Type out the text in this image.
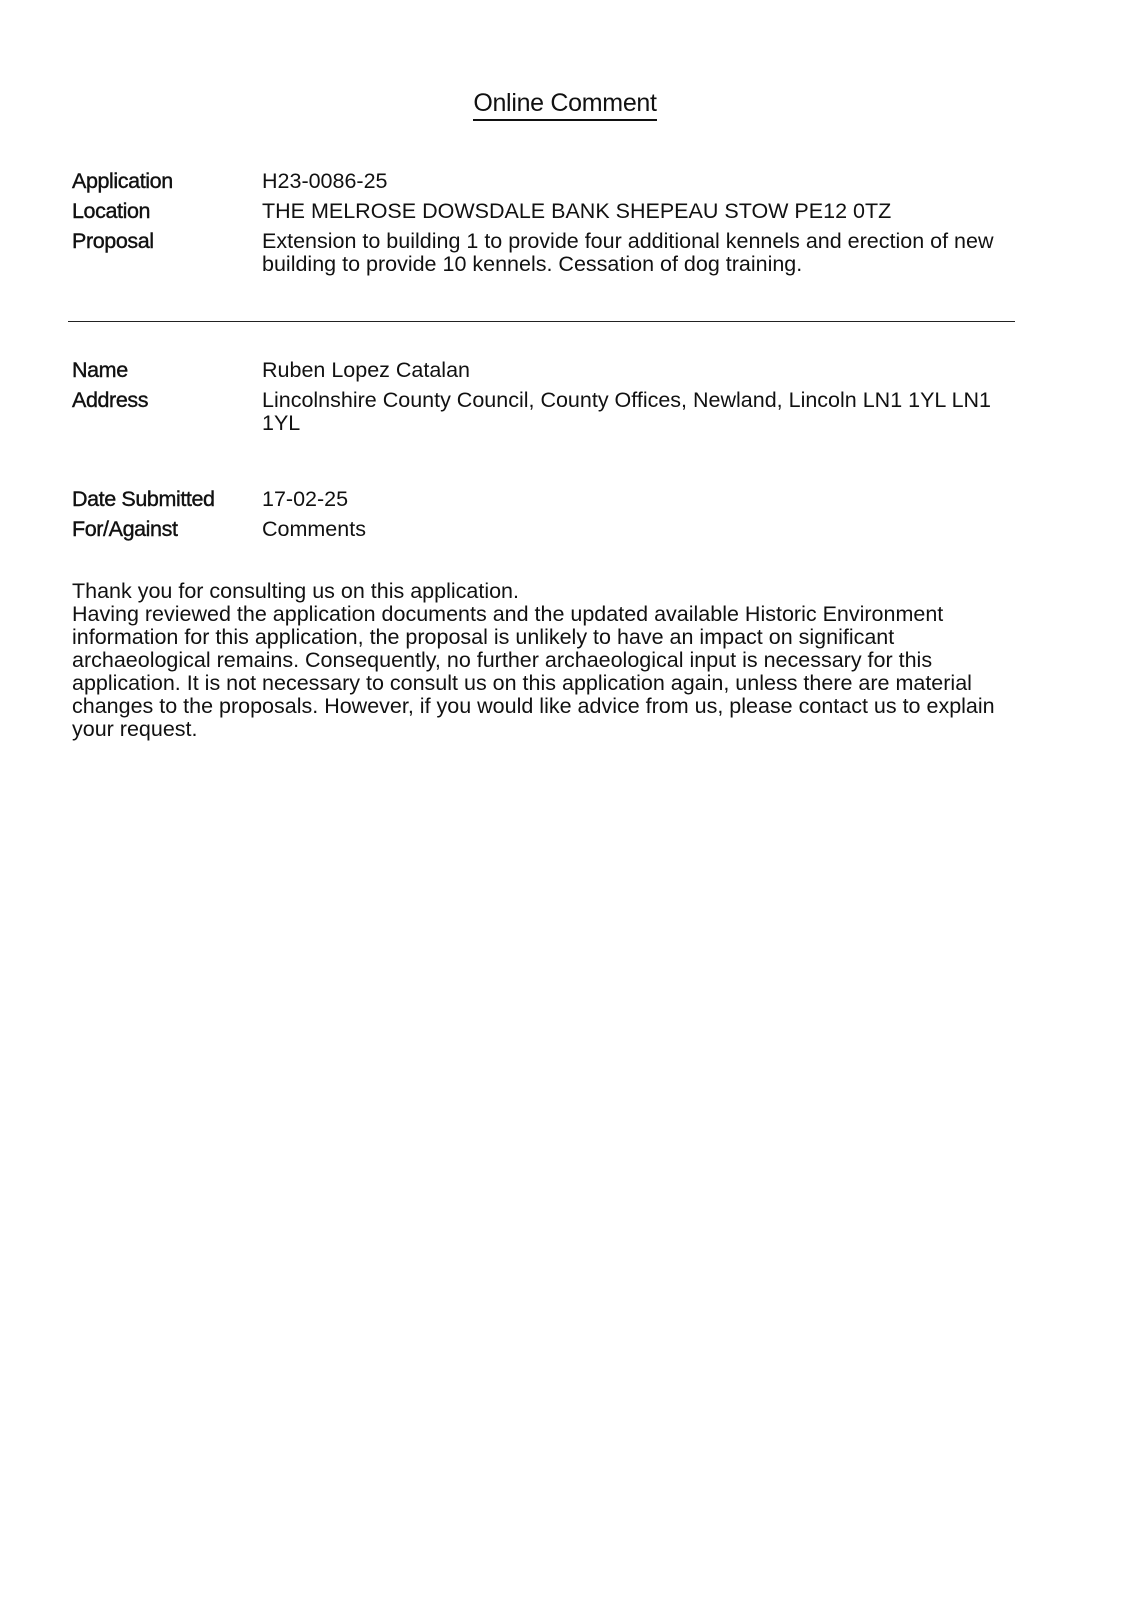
Online Comment
Application	H23-0086-25
Location	THE MELROSE DOWSDALE BANK SHEPEAU STOW PE12 0TZ
Proposal	Extension to building 1 to provide four additional kennels and erection of new building to provide 10 kennels. Cessation of dog training.
Name	Ruben Lopez Catalan
Address	Lincolnshire County Council, County Offices, Newland, Lincoln LN1 1YL LN1 1YL
Date Submitted	17-02-25
For/Against	Comments

Thank you for consulting us on this application.

Having reviewed the application documents and the updated available Historic Environment information for this application, the proposal is unlikely to have an impact on significant archaeological remains. Consequently, no further archaeological input is necessary for this application. It is not necessary to consult us on this application again, unless there are material changes to the proposals. However, if you would like advice from us, please contact us to explain your request.
